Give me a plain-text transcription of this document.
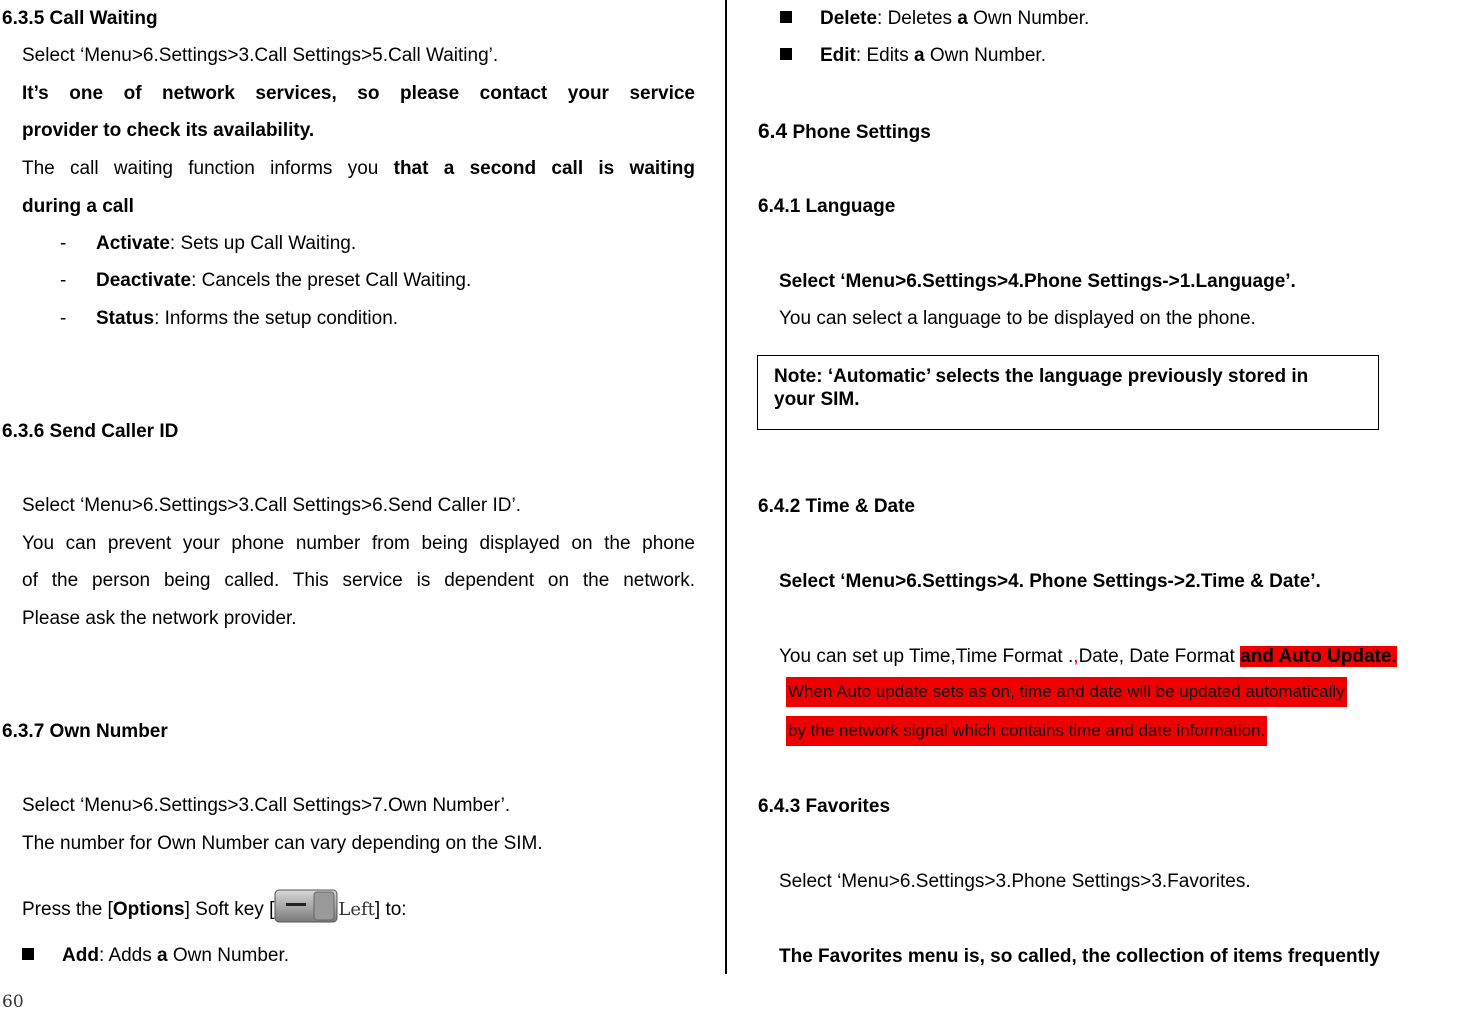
6.3.5 Call Waiting
Select ‘Menu>6.Settings>3.Call Settings>5.Call Waiting’.
It’s one of network services, so please contact your service
provider to check its availability.
The call waiting function informs you that a second call is waiting
during a call
- Activate: Sets up Call Waiting.
- Deactivate: Cancels the preset Call Waiting.
- Status: Informs the setup condition.
6.3.6 Send Caller ID
Select ‘Menu>6.Settings>3.Call Settings>6.Send Caller ID’.
You can prevent your phone number from being displayed on the phone
of the person being called. This service is dependent on the network.
Please ask the network provider.
6.3.7 Own Number
Select ‘Menu>6.Settings>3.Call Settings>7.Own Number’.
The number for Own Number can vary depending on the SIM.
Press the [Options] Soft key [	Left] to:
Add: Adds a Own Number.
60
Delete: Deletes a Own Number.
Edit: Edits a Own Number.
6.4 Phone Settings
6.4.1 Language
Select ‘Menu>6.Settings>4.Phone Settings->1.Language’.
You can select a language to be displayed on the phone.
Note: ‘Automatic’ selects the language previously stored in
your SIM.
6.4.2 Time & Date
Select ‘Menu>6.Settings>4. Phone Settings->2.Time & Date’.
You can set up Time,Time Format .,Date, Date Format and Auto Update.
When Auto update sets as on, time and date will be updated automatically
by the network signal which contains time and date information.
6.4.3 Favorites
Select ‘Menu>6.Settings>3.Phone Settings>3.Favorites.
The Favorites menu is, so called, the collection of items frequently
